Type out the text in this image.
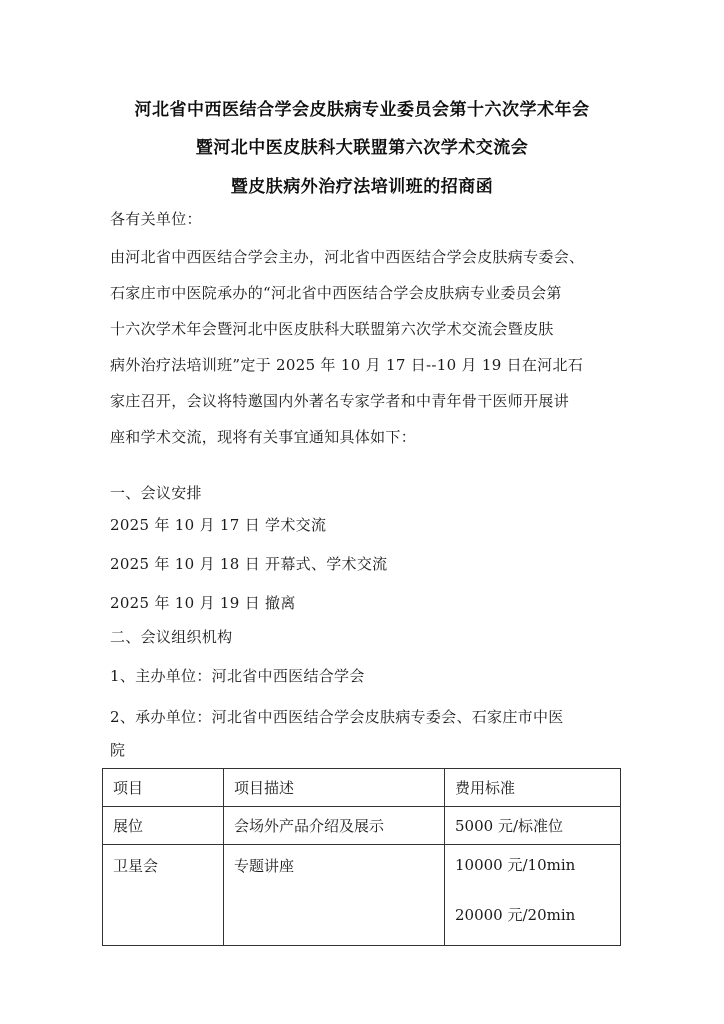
河北省中西医结合学会皮肤病专业委员会第十六次学术年会
暨河北中医皮肤科大联盟第六次学术交流会
暨皮肤病外治疗法培训班的招商函
各有关单位：
由河北省中西医结合学会主办，河北省中西医结合学会皮肤病专委会、
石家庄市中医院承办的“河北省中西医结合学会皮肤病专业委员会第
十六次学术年会暨河北中医皮肤科大联盟第六次学术交流会暨皮肤
病外治疗法培训班”定于 2025 年 10 月 17 日--10 月 19 日在河北石
家庄召开，会议将特邀国内外著名专家学者和中青年骨干医师开展讲
座和学术交流，现将有关事宜通知具体如下：
一、会议安排
2025 年 10 月 17 日 学术交流
2025 年 10 月 18 日 开幕式、学术交流
2025 年 10 月 19 日 撤离
二、会议组织机构
1、主办单位：河北省中西医结合学会
2、承办单位：河北省中西医结合学会皮肤病专委会、石家庄市中医
院
项目	项目描述	费用标准
展位	会场外产品介绍及展示	5000 元/标准位
卫星会	专题讲座	10000 元/10min
20000 元/20min
